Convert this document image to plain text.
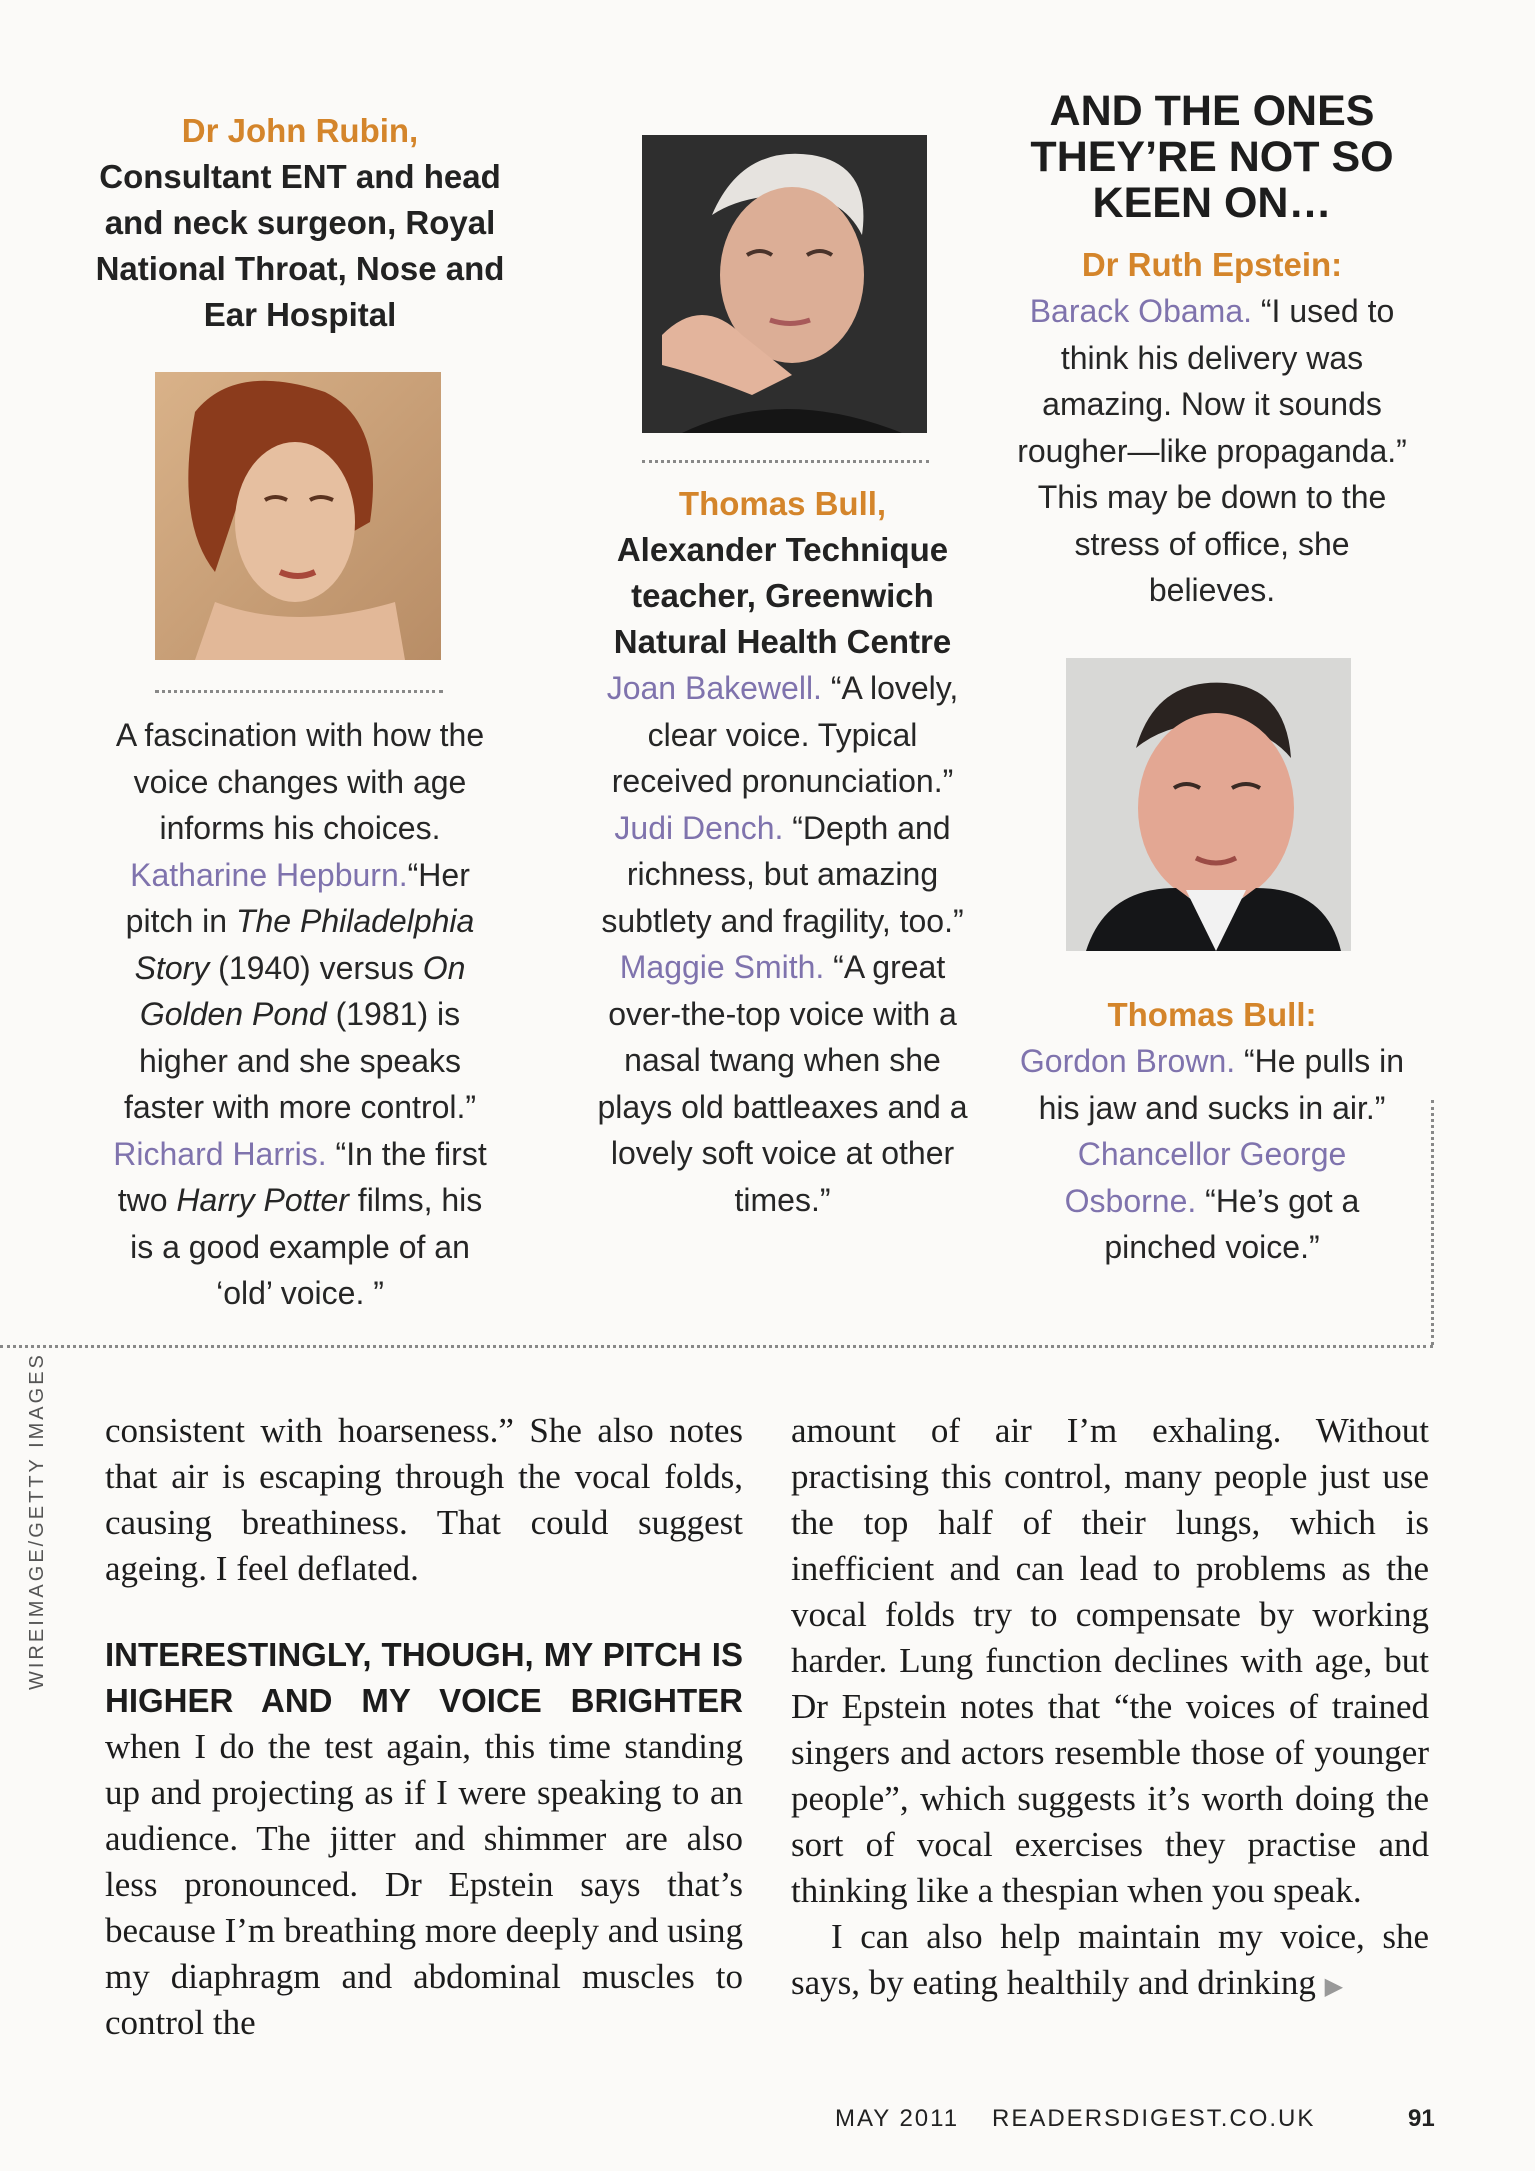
Dr John Rubin,
Consultant ENT and head and neck surgeon, Royal National Throat, Nose and Ear Hospital
A fascination with how the voice changes with age informs his choices. Katharine Hepburn.“Her pitch in The Philadelphia Story (1940) versus On Golden Pond (1981) is higher and she speaks faster with more control.” Richard Harris. “In the first two Harry Potter films, his is a good example of an ‘old’ voice. ”
Thomas Bull,
Alexander Technique teacher, Greenwich Natural Health Centre
Joan Bakewell. “A lovely, clear voice. Typical received pronunciation.” Judi Dench. “Depth and richness, but amazing subtlety and fragility, too.” Maggie Smith. “A great over-the-top voice with a nasal twang when she plays old battleaxes and a lovely soft voice at other times.”
AND THE ONES THEY’RE NOT SO KEEN ON…
Dr Ruth Epstein:
Barack Obama. “I used to think his delivery was amazing. Now it sounds rougher—like propaganda.” This may be down to the stress of office, she believes.
Thomas Bull:
Gordon Brown. “He pulls in his jaw and sucks in air.” Chancellor George Osborne. “He’s got a pinched voice.”

consistent with hoarseness.” She also notes that air is escaping through the vocal folds, causing breathiness. That could suggest ageing. I feel deflated.

INTERESTINGLY, THOUGH, MY PITCH IS HIGHER AND MY VOICE BRIGHTER when I do the test again, this time standing up and projecting as if I were speaking to an audience. The jitter and shimmer are also less pronounced. Dr Epstein says that’s because I’m breathing more deeply and using my diaphragm and abdominal muscles to control the

amount of air I’m exhaling. Without practising this control, many people just use the top half of their lungs, which is inefficient and can lead to problems as the vocal folds try to compensate by working harder. Lung function declines with age, but Dr Epstein notes that “the voices of trained singers and actors resemble those of younger people”, which suggests it’s worth doing the sort of vocal exercises they practise and thinking like a thespian when you speak.

I can also help maintain my voice, she says, by eating healthily and drinking ▶

WIREIMAGE/GETTY IMAGES
MAY 2011 READERSDIGEST.CO.UK	91
